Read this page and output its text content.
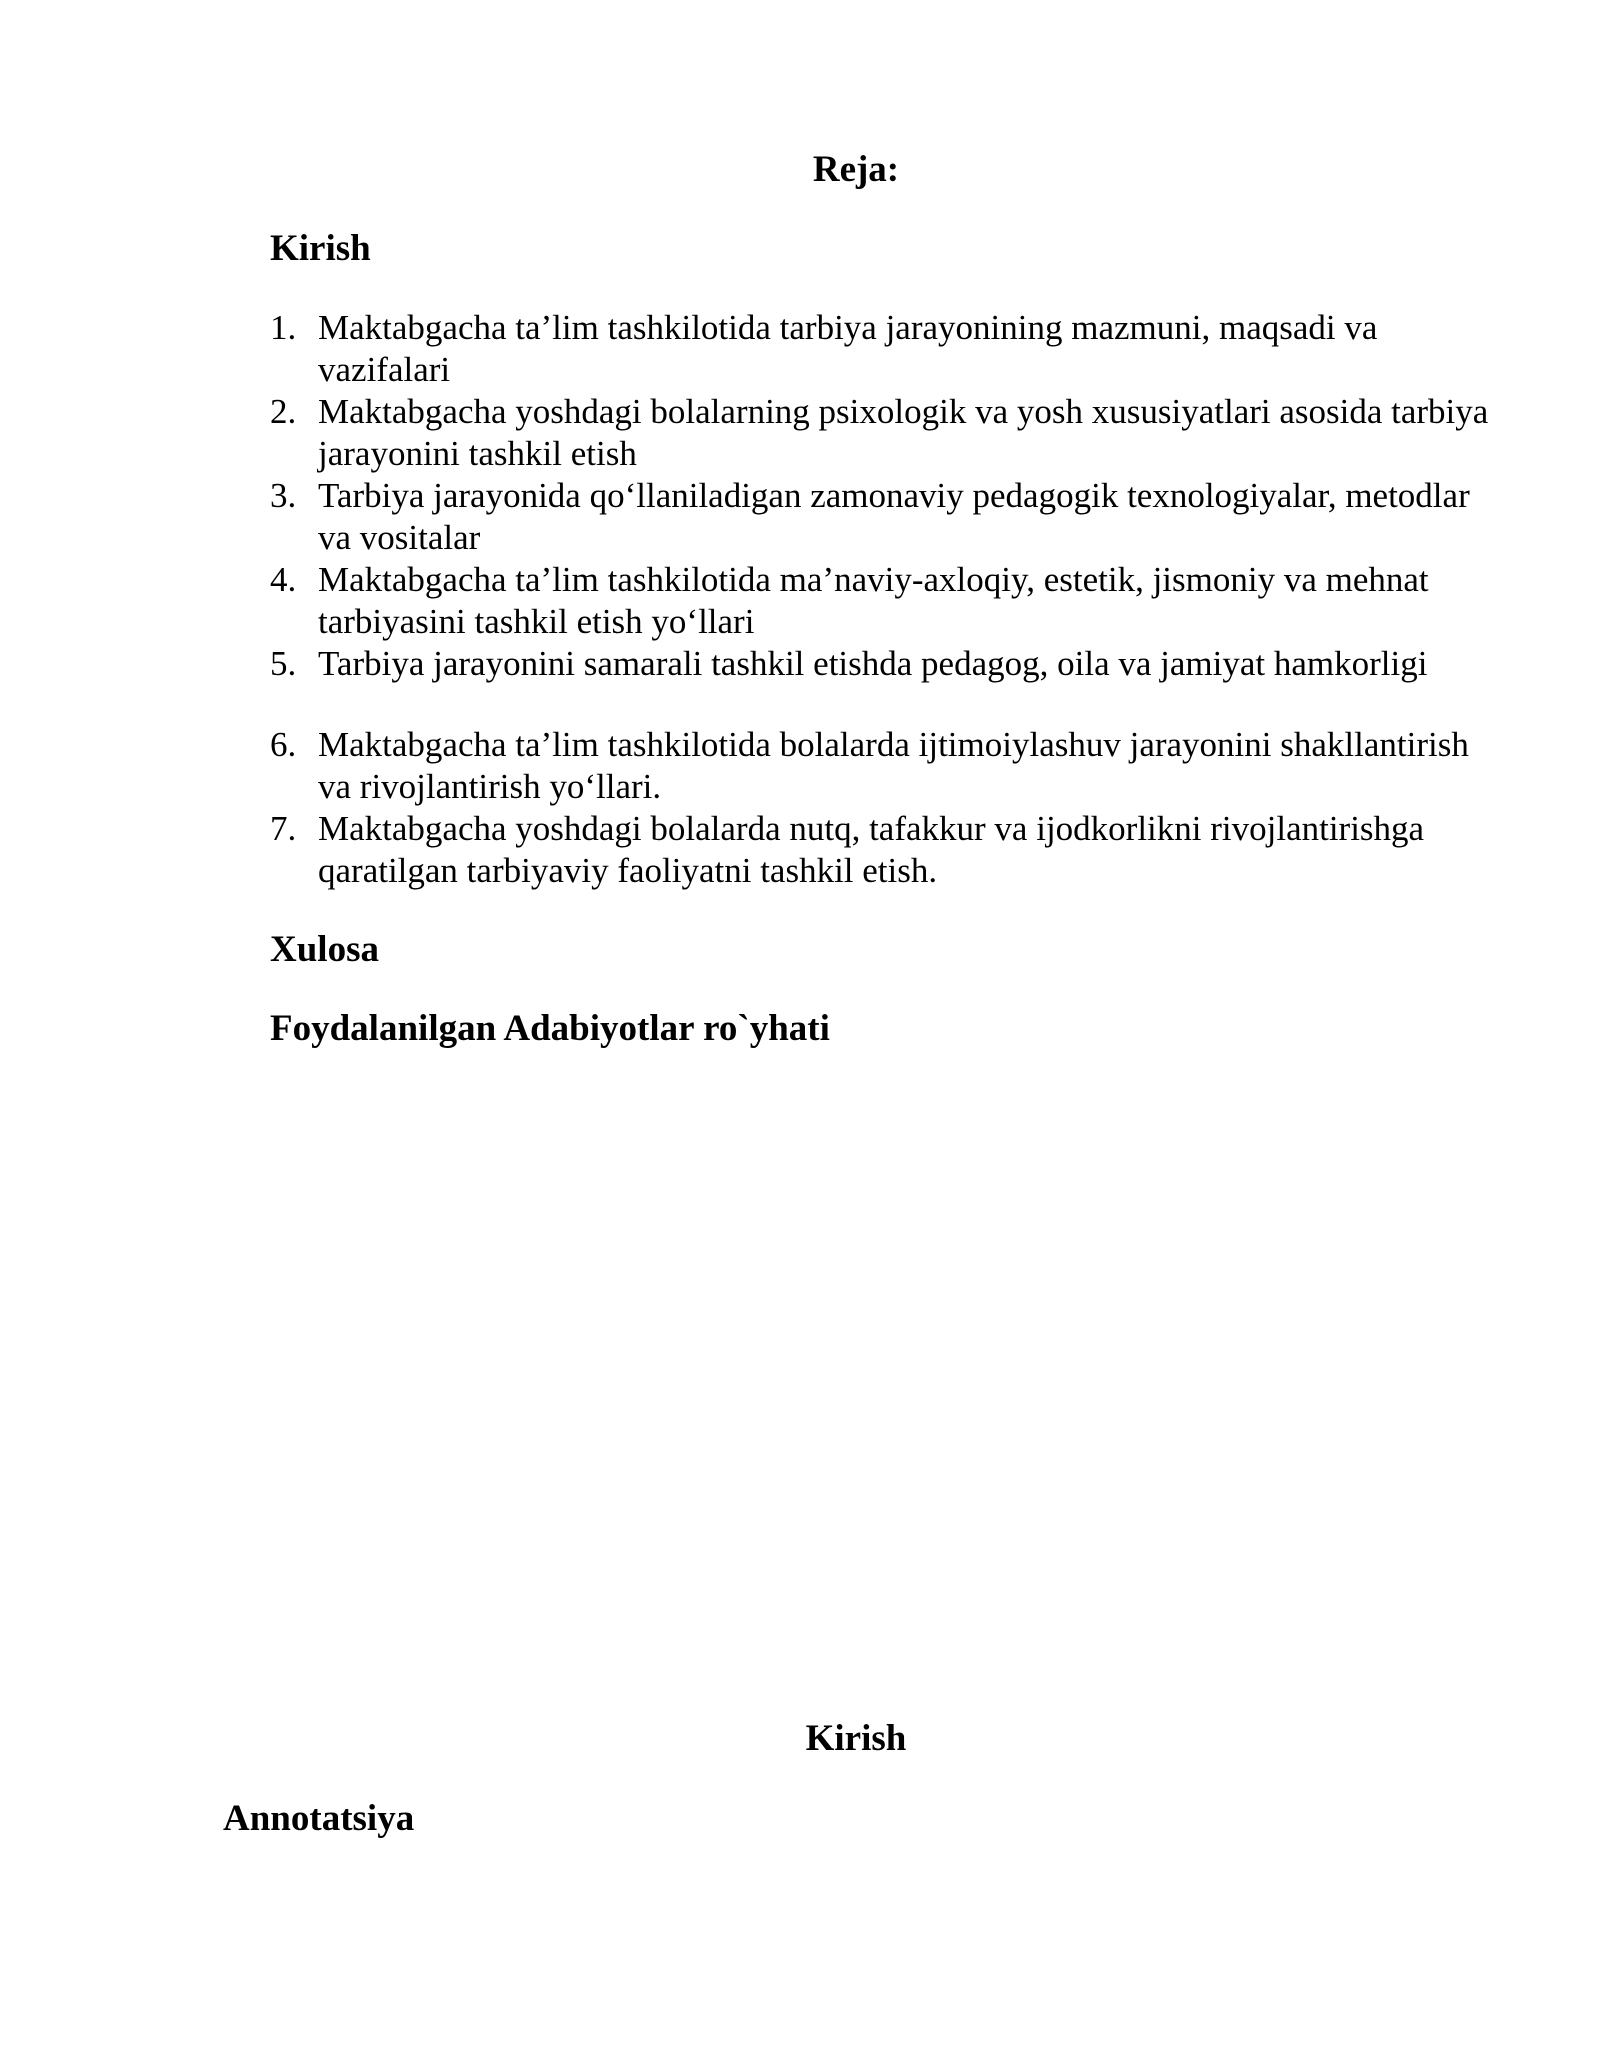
Reja:
Kirish
1. Maktabgacha ta’lim tashkilotida tarbiya jarayonining mazmuni, maqsadi va vazifalari
2. Maktabgacha yoshdagi bolalarning psixologik va yosh xususiyatlari asosida tarbiya jarayonini tashkil etish
3. Tarbiya jarayonida qo‘llaniladigan zamonaviy pedagogik texnologiyalar, metodlar va vositalar
4. Maktabgacha ta’lim tashkilotida ma’naviy-axloqiy, estetik, jismoniy va mehnat tarbiyasini tashkil etish yo‘llari
5. Tarbiya jarayonini samarali tashkil etishda pedagog, oila va jamiyat hamkorligi
6. Maktabgacha ta’lim tashkilotida bolalarda ijtimoiylashuv jarayonini shakllantirish va rivojlantirish yo‘llari.
7. Maktabgacha yoshdagi bolalarda nutq, tafakkur va ijodkorlikni rivojlantirishga qaratilgan tarbiyaviy faoliyatni tashkil etish.
Xulosa
Foydalanilgan Adabiyotlar ro`yhati
Kirish
Annotatsiya
